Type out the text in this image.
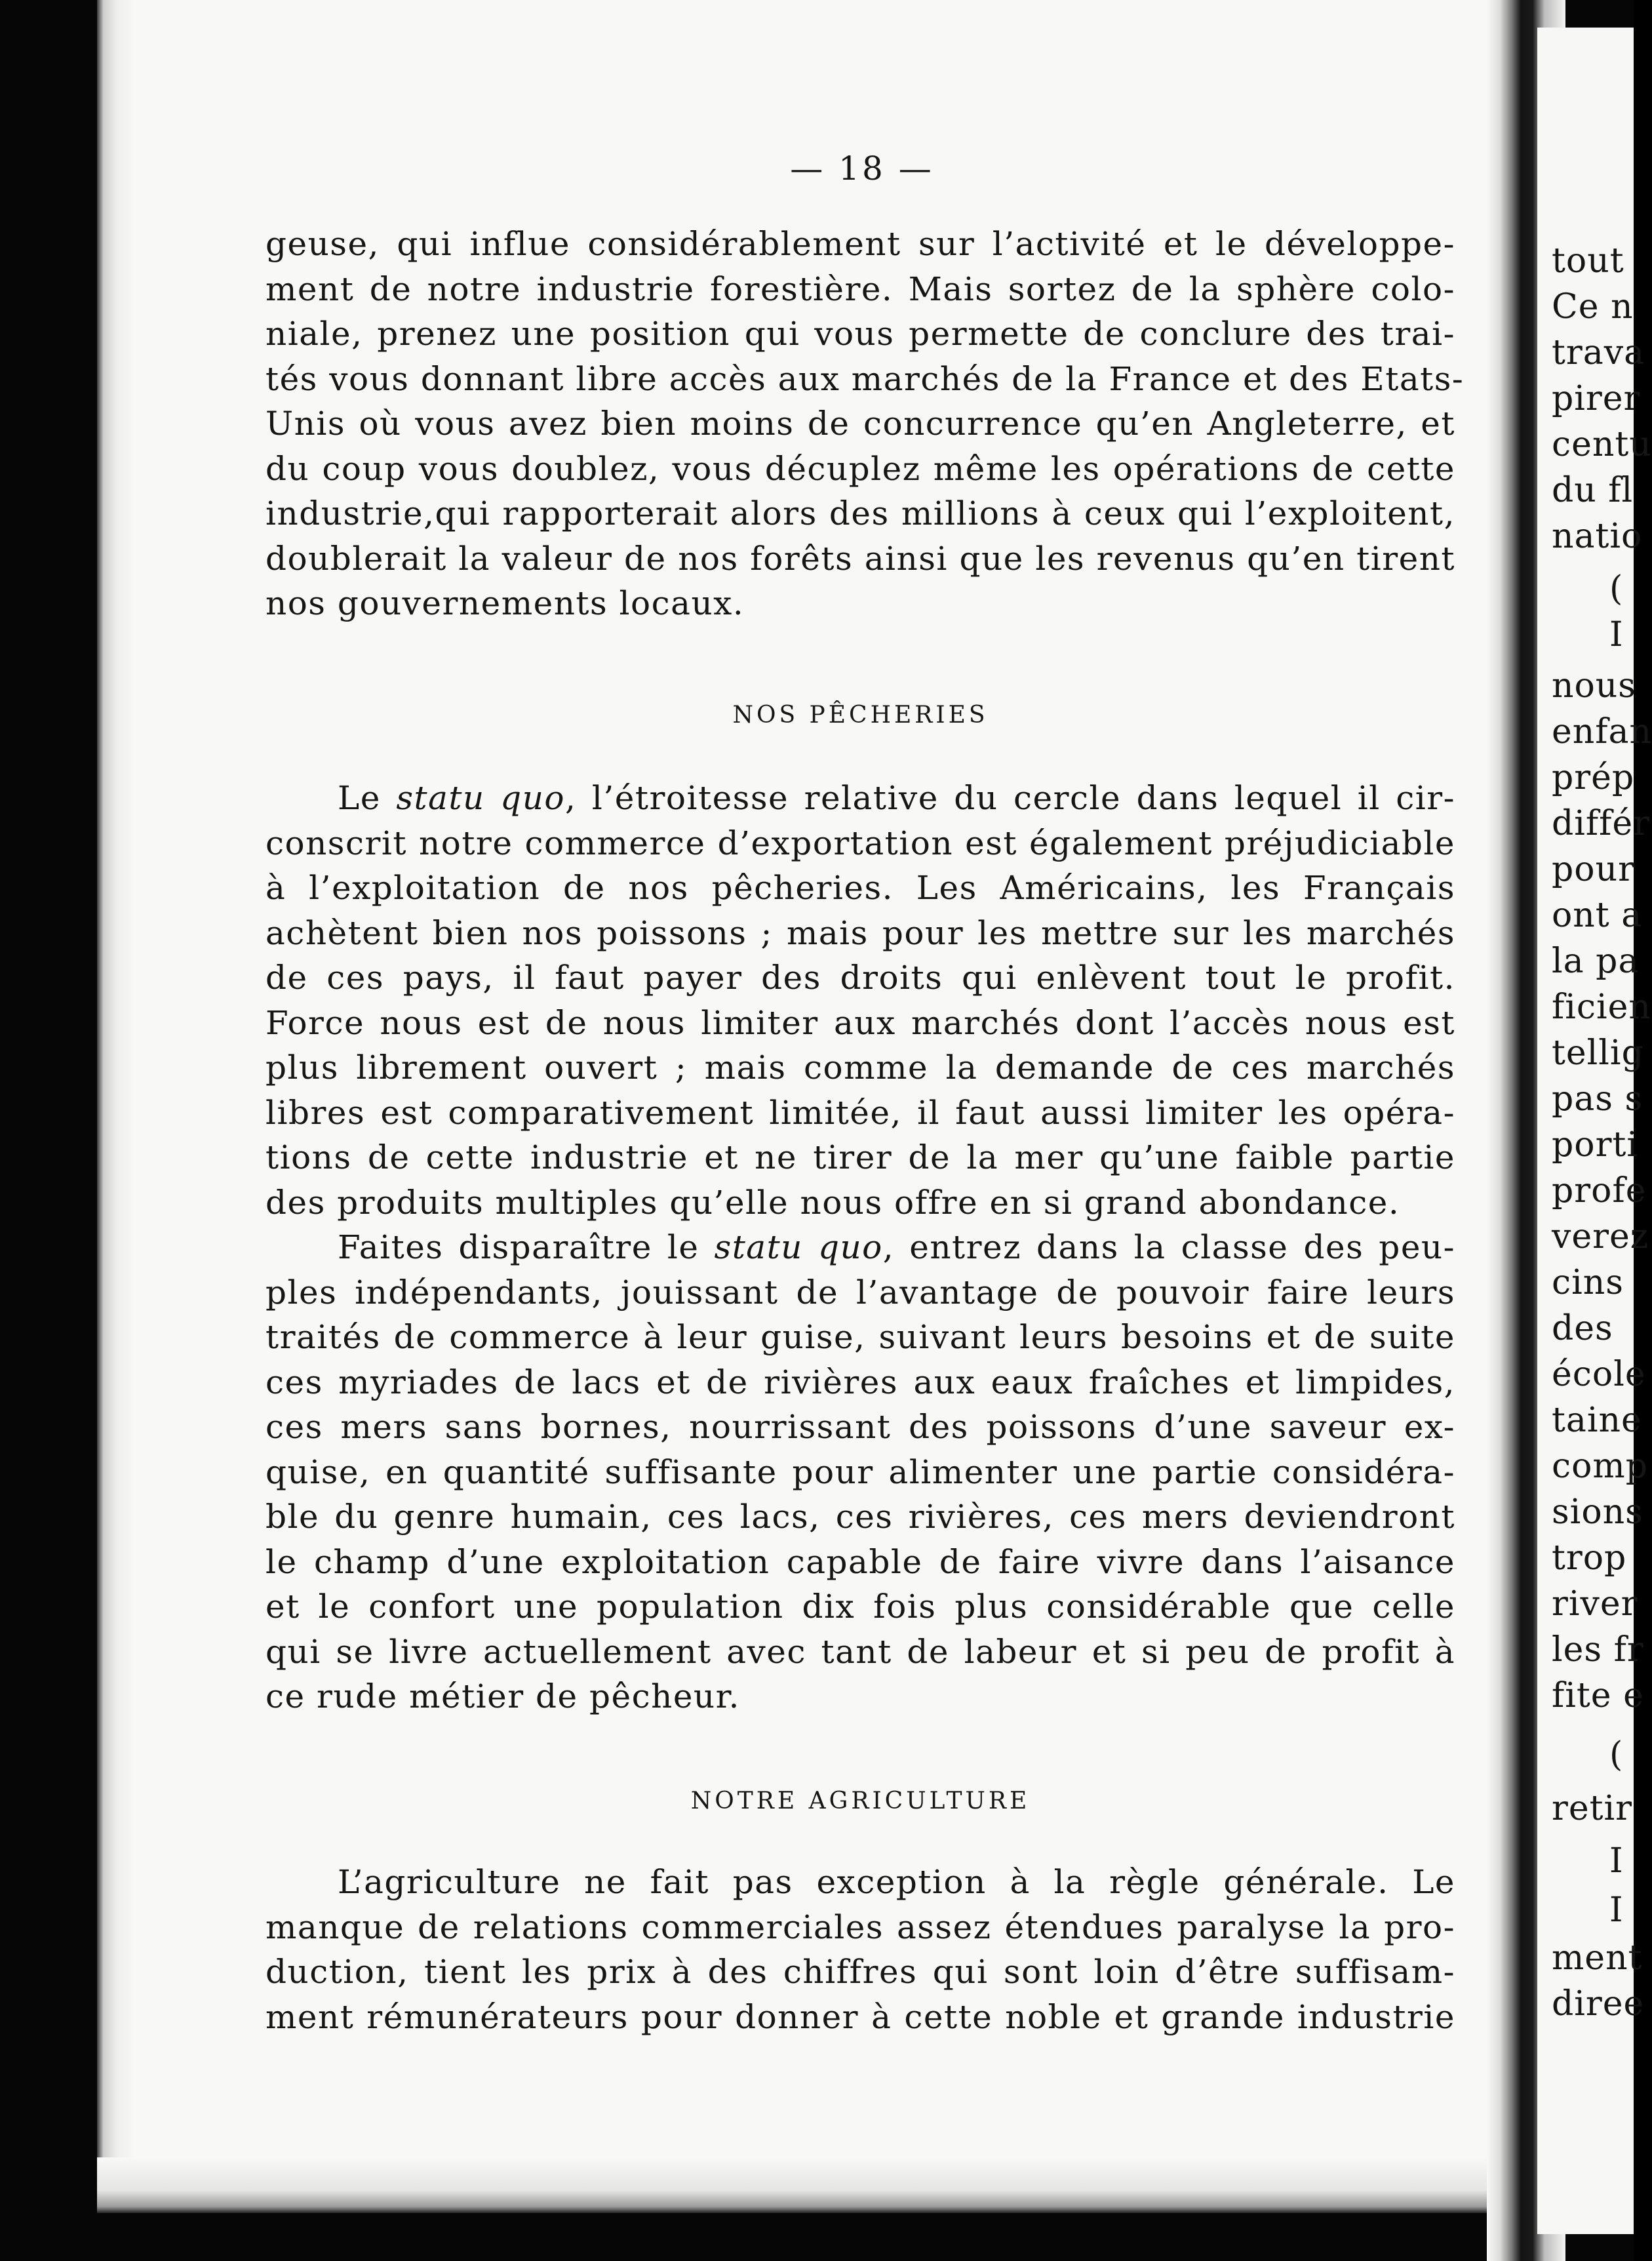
tout
Ce n
trava
pirer
centu
du fl
natio
(
I
nous
enfan
prép
différ
pour
ont a
la pa
ficien
tellig
pas s
porti
profe
verez
cins
des
école
taine
comp
sions
trop
river
les fr
fite e
(
retir
I
I
ment
diree
— 18 —
geuse, qui influe considérablement sur l’activité et le développe-
ment de notre industrie forestière. Mais sortez de la sphère colo-
niale, prenez une position qui vous permette de conclure des trai-
tés vous donnant libre accès aux marchés de la France et des Etats-
Unis où vous avez bien moins de concurrence qu’en Angleterre, et
du coup vous doublez, vous décuplez même les opérations de cette
industrie,qui rapporterait alors des millions à ceux qui l’exploitent,
doublerait la valeur de nos forêts ainsi que les revenus qu’en tirent
nos gouvernements locaux.
NOS PÊCHERIES
Le statu quo, l’étroitesse relative du cercle dans lequel il cir-
conscrit notre commerce d’exportation est également préjudiciable
à l’exploitation de nos pêcheries. Les Américains, les Français
achètent bien nos poissons ; mais pour les mettre sur les marchés
de ces pays, il faut payer des droits qui enlèvent tout le profit.
Force nous est de nous limiter aux marchés dont l’accès nous est
plus librement ouvert ; mais comme la demande de ces marchés
libres est comparativement limitée, il faut aussi limiter les opéra-
tions de cette industrie et ne tirer de la mer qu’une faible partie
des produits multiples qu’elle nous offre en si grand abondance.
Faites disparaître le statu quo, entrez dans la classe des peu-
ples indépendants, jouissant de l’avantage de pouvoir faire leurs
traités de commerce à leur guise, suivant leurs besoins et de suite
ces myriades de lacs et de rivières aux eaux fraîches et limpides,
ces mers sans bornes, nourrissant des poissons d’une saveur ex-
quise, en quantité suffisante pour alimenter une partie considéra-
ble du genre humain, ces lacs, ces rivières, ces mers deviendront
le champ d’une exploitation capable de faire vivre dans l’aisance
et le confort une population dix fois plus considérable que celle
qui se livre actuellement avec tant de labeur et si peu de profit à
ce rude métier de pêcheur.
NOTRE AGRICULTURE
L’agriculture ne fait pas exception à la règle générale. Le
manque de relations commerciales assez étendues paralyse la pro-
duction, tient les prix à des chiffres qui sont loin d’être suffisam-
ment rémunérateurs pour donner à cette noble et grande industrie
